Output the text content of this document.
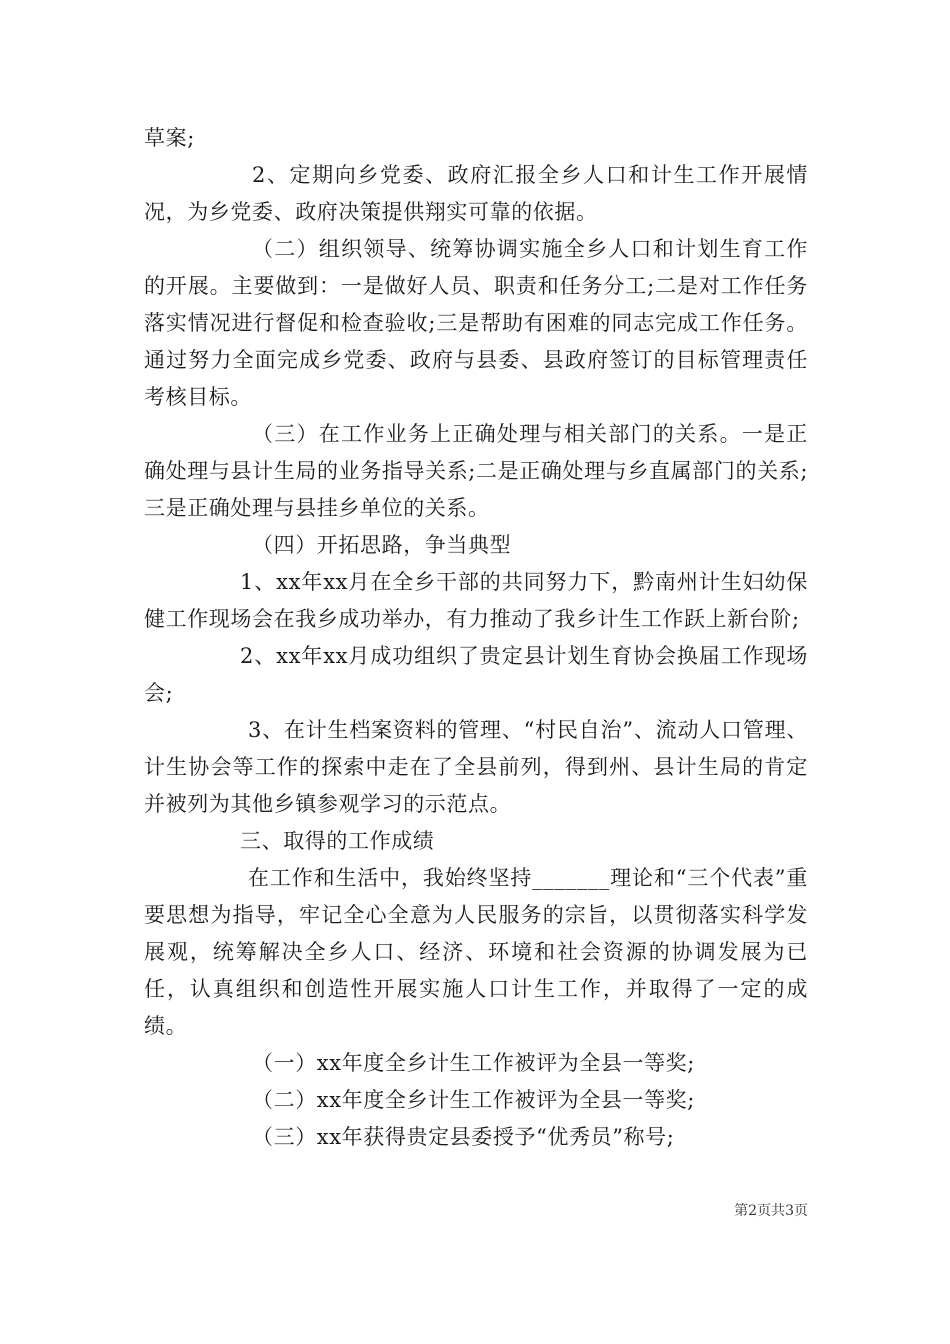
草案;

2、定期向乡党委、政府汇报全乡人口和计生工作开展情况，为乡党委、政府决策提供翔实可靠的依据。

（二）组织领导、统筹协调实施全乡人口和计划生育工作的开展。主要做到：一是做好人员、职责和任务分工;二是对工作任务落实情况进行督促和检查验收;三是帮助有困难的同志完成工作任务。通过努力全面完成乡党委、政府与县委、县政府签订的目标管理责任考核目标。

（三）在工作业务上正确处理与相关部门的关系。一是正确处理与县计生局的业务指导关系;二是正确处理与乡直属部门的关系;三是正确处理与县挂乡单位的关系。

（四）开拓思路，争当典型

1、xx年xx月在全乡干部的共同努力下，黔南州计生妇幼保健工作现场会在我乡成功举办，有力推动了我乡计生工作跃上新台阶;

2、xx年xx月成功组织了贵定县计划生育协会换届工作现场会;

3、在计生档案资料的管理、“村民自治”、流动人口管理、计生协会等工作的探索中走在了全县前列，得到州、县计生局的肯定并被列为其他乡镇参观学习的示范点。

三、取得的工作成绩

在工作和生活中，我始终坚持_______理论和“三个代表”重要思想为指导，牢记全心全意为人民服务的宗旨，以贯彻落实科学发展观，统筹解决全乡人口、经济、环境和社会资源的协调发展为已任，认真组织和创造性开展实施人口计生工作，并取得了一定的成绩。

（一）xx年度全乡计生工作被评为全县一等奖;

（二）xx年度全乡计生工作被评为全县一等奖;

（三）xx年获得贵定县委授予“优秀员”称号;

第2页共3页
